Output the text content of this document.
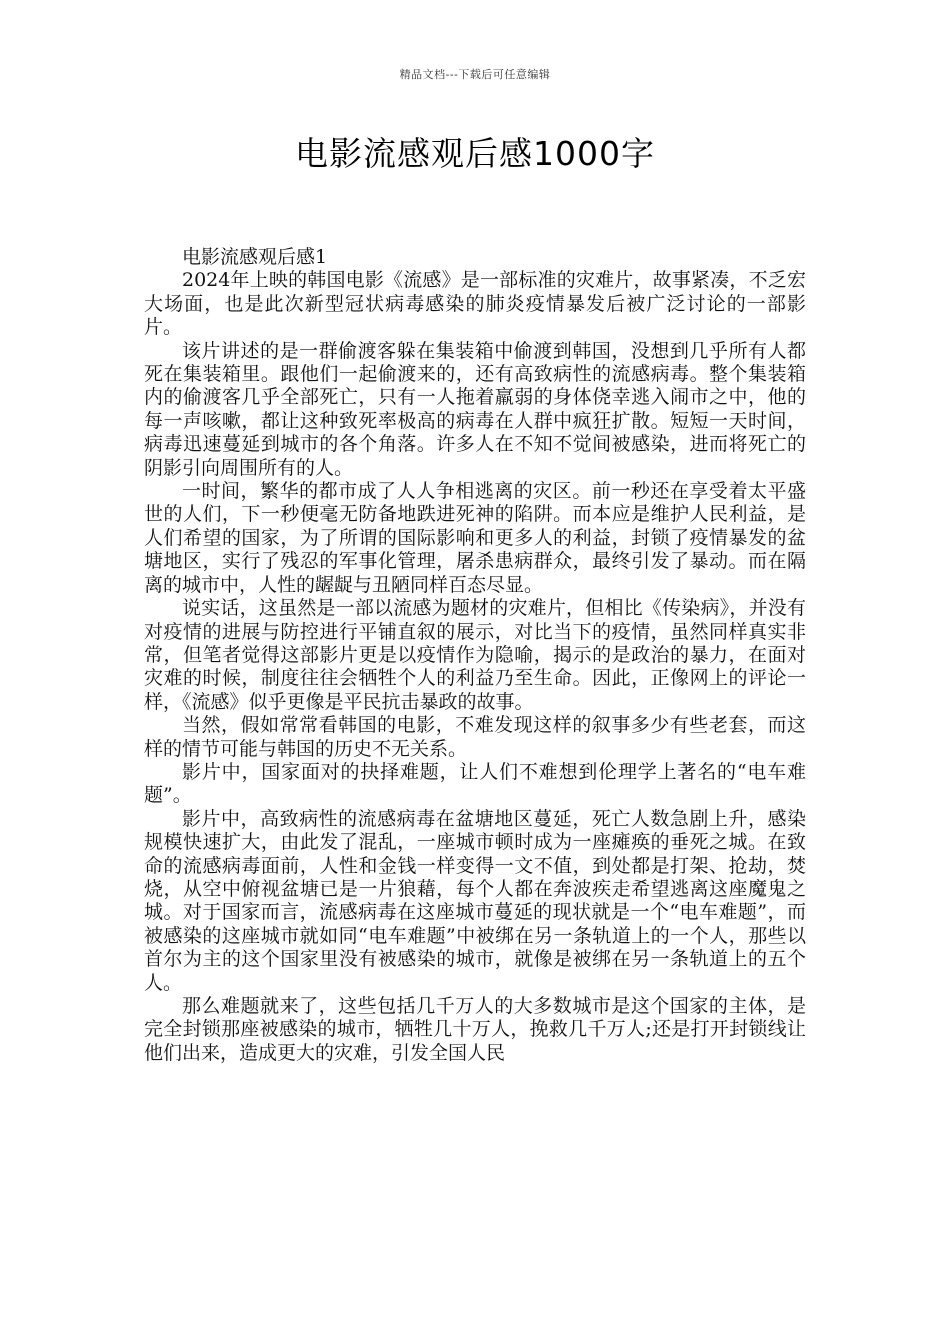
精品文档---下载后可任意编辑
电影流感观后感1000字
电影流感观后感1

2024年上映的韩国电影《流感》是一部标准的灾难片，故事紧凑，不乏宏大场面，也是此次新型冠状病毒感染的肺炎疫情暴发后被广泛讨论的一部影片。

该片讲述的是一群偷渡客躲在集装箱中偷渡到韩国，没想到几乎所有人都死在集装箱里。跟他们一起偷渡来的，还有高致病性的流感病毒。整个集装箱内的偷渡客几乎全部死亡，只有一人拖着羸弱的身体侥幸逃入闹市之中，他的每一声咳嗽，都让这种致死率极高的病毒在人群中疯狂扩散。短短一天时间，病毒迅速蔓延到城市的各个角落。许多人在不知不觉间被感染，进而将死亡的阴影引向周围所有的人。

一时间，繁华的都市成了人人争相逃离的灾区。前一秒还在享受着太平盛世的人们，下一秒便毫无防备地跌进死神的陷阱。而本应是维护人民利益，是人们希望的国家，为了所谓的国际影响和更多人的利益，封锁了疫情暴发的盆塘地区，实行了残忍的军事化管理，屠杀患病群众，最终引发了暴动。而在隔离的城市中，人性的龌龊与丑陋同样百态尽显。

说实话，这虽然是一部以流感为题材的灾难片，但相比《传染病》，并没有对疫情的进展与防控进行平铺直叙的展示，对比当下的疫情，虽然同样真实非常，但笔者觉得这部影片更是以疫情作为隐喻，揭示的是政治的暴力，在面对灾难的时候，制度往往会牺牲个人的利益乃至生命。因此，正像网上的评论一样，《流感》似乎更像是平民抗击暴政的故事。

当然，假如常常看韩国的电影，不难发现这样的叙事多少有些老套，而这样的情节可能与韩国的历史不无关系。

影片中，国家面对的抉择难题，让人们不难想到伦理学上著名的“电车难题”。

影片中，高致病性的流感病毒在盆塘地区蔓延，死亡人数急剧上升，感染规模快速扩大，由此发了混乱，一座城市顿时成为一座瘫痪的垂死之城。在致命的流感病毒面前，人性和金钱一样变得一文不值，到处都是打架、抢劫，焚烧，从空中俯视盆塘已是一片狼藉，每个人都在奔波疾走希望逃离这座魔鬼之城。对于国家而言，流感病毒在这座城市蔓延的现状就是一个“电车难题”，而被感染的这座城市就如同“电车难题”中被绑在另一条轨道上的一个人，那些以首尔为主的这个国家里没有被感染的城市，就像是被绑在另一条轨道上的五个人。

那么难题就来了，这些包括几千万人的大多数城市是这个国家的主体，是完全封锁那座被感染的城市，牺牲几十万人，挽救几千万人;还是打开封锁线让他们出来，造成更大的灾难，引发全国人民
